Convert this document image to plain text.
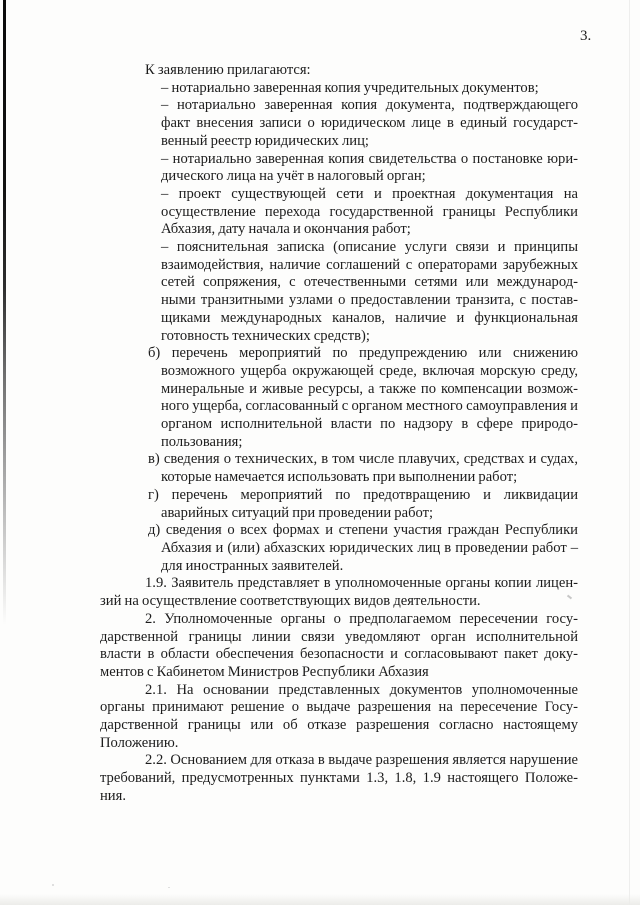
3.
К заявлению прилагаются:
– нотариально заверенная копия учредительных документов;
– нотариально заверенная копия документа, подтверждающего
факт внесения записи о юридическом лице в единый государст-
венный реестр юридических лиц;
– нотариально заверенная копия свидетельства о постановке юри-
дического лица на учёт в налоговый орган;
– проект существующей сети и проектная документация на
осуществление перехода государственной границы Республики
Абхазия, дату начала и окончания работ;
– пояснительная записка (описание услуги связи и принципы
взаимодействия, наличие соглашений с операторами зарубежных
сетей сопряжения, с отечественными сетями или международ-
ными транзитными узлами о предоставлении транзита, с постав-
щиками международных каналов, наличие и функциональная
готовность технических средств);
б) перечень мероприятий по предупреждению или снижению
возможного ущерба окружающей среде, включая морскую среду,
минеральные и живые ресурсы, а также по компенсации возмож-
ного ущерба, согласованный с органом местного самоуправления и
органом исполнительной власти по надзору в сфере природо-
пользования;
в) сведения о технических, в том числе плавучих, средствах и судах,
которые намечается использовать при выполнении работ;
г) перечень мероприятий по предотвращению и ликвидации
аварийных ситуаций при проведении работ;
д) сведения о всех формах и степени участия граждан Республики
Абхазия и (или) абхазских юридических лиц в проведении работ –
для иностранных заявителей.
1.9. Заявитель представляет в уполномоченные органы копии лицен-
зий на осуществление соответствующих видов деятельности.
2. Уполномоченные органы о предполагаемом пересечении госу-
дарственной границы линии связи уведомляют орган исполнительной
власти в области обеспечения безопасности и согласовывают пакет доку-
ментов с Кабинетом Министров Республики Абхазия
2.1. На основании представленных документов уполномоченные
органы принимают решение о выдаче разрешения на пересечение Госу-
дарственной границы или об отказе разрешения согласно настоящему
Положению.
2.2. Основанием для отказа в выдаче разрешения является нарушение
требований, предусмотренных пунктами 1.3, 1.8, 1.9 настоящего Положе-
ния.
